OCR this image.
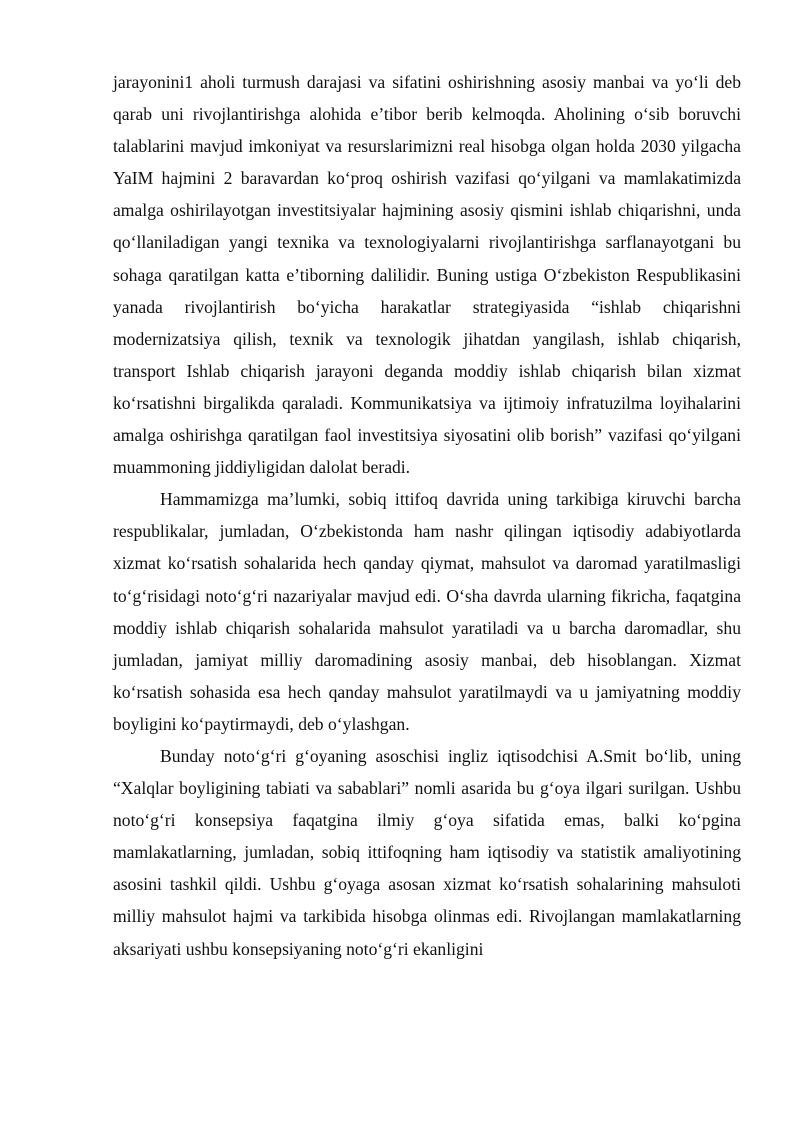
jarayonini1 aholi turmush darajasi va sifatini oshirishning asosiy manbai va yo‘li deb qarab uni rivojlantirishga alohida e’tibor berib kelmoqda. Aholining o‘sib boruvchi talablarini mavjud imkoniyat va resurslarimizni real hisobga olgan holda 2030 yilgacha YaIM hajmini 2 baravardan ko‘proq oshirish vazifasi qo‘yilgani va mamlakatimizda amalga oshirilayotgan investitsiyalar hajmining asosiy qismini ishlab chiqarishni, unda qo‘llaniladigan yangi texnika va texnologiyalarni rivojlantirishga sarflanayotgani bu sohaga qaratilgan katta e’tiborning dalilidir. Buning ustiga O‘zbekiston Respublikasini yanada rivojlantirish bo‘yicha harakatlar strategiyasida “ishlab chiqarishni modernizatsiya qilish, texnik va texnologik jihatdan yangilash, ishlab chiqarish, transport Ishlab chiqarish jarayoni deganda moddiy ishlab chiqarish bilan xizmat ko‘rsatishni birgalikda qaraladi. Kommunikatsiya va ijtimoiy infratuzilma loyihalarini amalga oshirishga qaratilgan faol investitsiya siyosatini olib borish” vazifasi qo‘yilgani muammoning jiddiyligidan dalolat beradi.

Hammamizga ma’lumki, sobiq ittifoq davrida uning tarkibiga kiruvchi barcha respublikalar, jumladan, O‘zbekistonda ham nashr qilingan iqtisodiy adabiyotlarda xizmat ko‘rsatish sohalarida hech qanday qiymat, mahsulot va daromad yaratilmasligi to‘g‘risidagi noto‘g‘ri nazariyalar mavjud edi. O‘sha davrda ularning fikricha, faqatgina moddiy ishlab chiqarish sohalarida mahsulot yaratiladi va u barcha daromadlar, shu jumladan, jamiyat milliy daromadining asosiy manbai, deb hisoblangan. Xizmat ko‘rsatish sohasida esa hech qanday mahsulot yaratilmaydi va u jamiyatning moddiy boyligini ko‘paytirmaydi, deb o‘ylashgan.

Bunday noto‘g‘ri g‘oyaning asoschisi ingliz iqtisodchisi A.Smit bo‘lib, uning “Xalqlar boyligining tabiati va sabablari” nomli asarida bu g‘oya ilgari surilgan. Ushbu noto‘g‘ri konsepsiya faqatgina ilmiy g‘oya sifatida emas, balki ko‘pgina mamlakatlarning, jumladan, sobiq ittifoqning ham iqtisodiy va statistik amaliyotining asosini tashkil qildi. Ushbu g‘oyaga asosan xizmat ko‘rsatish sohalarining mahsuloti milliy mahsulot hajmi va tarkibida hisobga olinmas edi. Rivojlangan mamlakatlarning aksariyati ushbu konsepsiyaning noto‘g‘ri ekanligini
